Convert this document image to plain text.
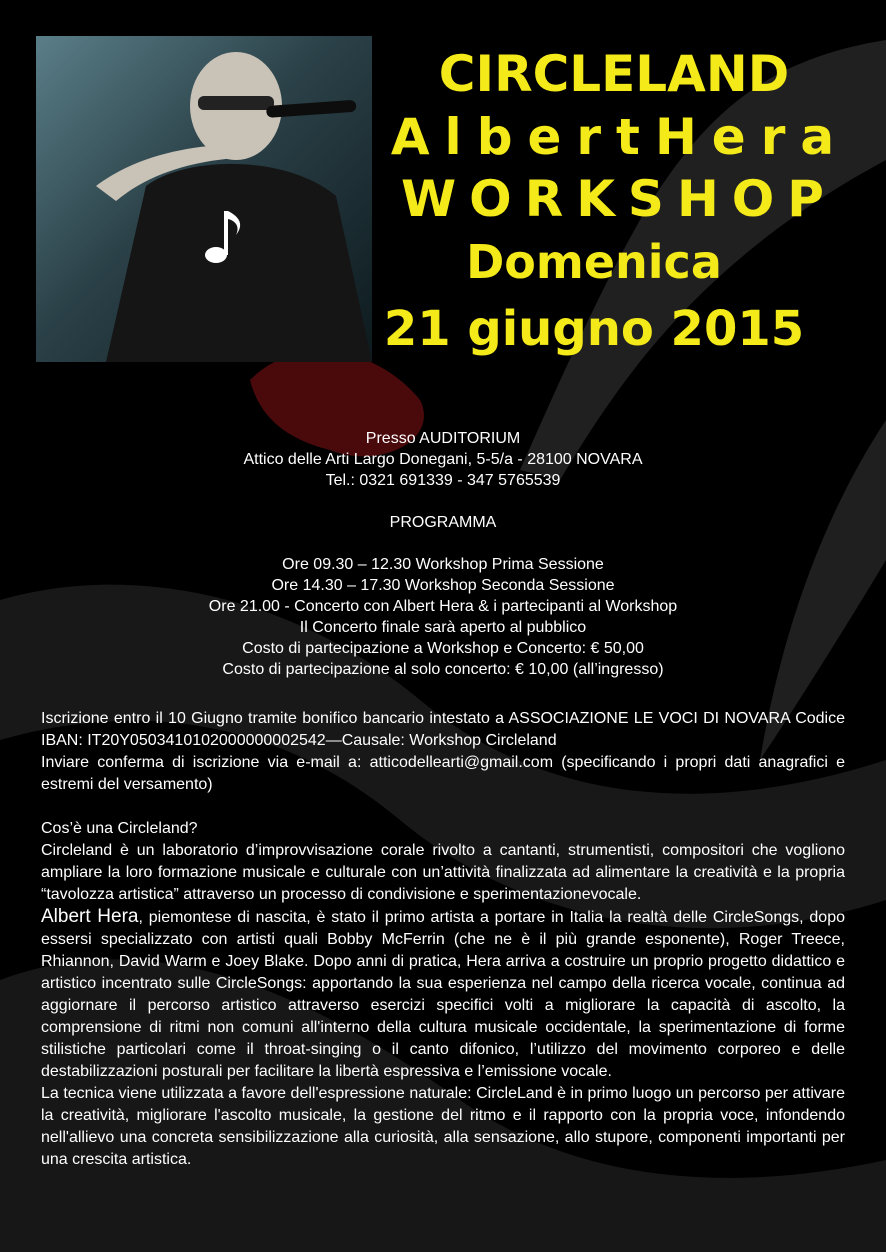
CIRCLELAND
AlbertHera
WORKSHOP
Domenica
21 giugno 2015
Presso AUDITORIUM
Attico delle Arti Largo Donegani, 5-5/a - 28100 NOVARA
Tel.: 0321 691339 - 347 5765539
PROGRAMMA
Ore 09.30 – 12.30 Workshop Prima Sessione
Ore 14.30 – 17.30 Workshop Seconda Sessione
Ore 21.00 - Concerto con Albert Hera & i partecipanti al Workshop
Il Concerto finale sarà aperto al pubblico
Costo di partecipazione a Workshop e Concerto: € 50,00
Costo di partecipazione al solo concerto: € 10,00 (all’ingresso)

Iscrizione entro il 10 Giugno tramite bonifico bancario intestato a ASSOCIAZIONE LE VOCI DI NOVARA Codice IBAN: IT20Y0503410102000000002542—Causale: Workshop Circleland

Inviare conferma di iscrizione via e-mail a: atticodellearti@gmail.com (specificando i propri dati anagrafici e estremi del versamento)

Cos’è una Circleland?

Circleland è un laboratorio d’improvvisazione corale rivolto a cantanti, strumentisti, compositori che vogliono ampliare la loro formazione musicale e culturale con un’attività finalizzata ad alimentare la creatività e la propria “tavolozza artistica” attraverso un processo di condivisione e sperimentazionevocale.

Albert Hera, piemontese di nascita, è stato il primo artista a portare in Italia la realtà delle CircleSongs, dopo essersi specializzato con artisti quali Bobby McFerrin (che ne è il più grande esponente), Roger Treece, Rhiannon, David Warm e Joey Blake. Dopo anni di pratica, Hera arriva a costruire un proprio progetto didattico e artistico incentrato sulle CircleSongs: apportando la sua esperienza nel campo della ricerca vocale, continua ad aggiornare il percorso artistico attraverso esercizi specifici volti a migliorare la capacità di ascolto, la comprensione di ritmi non comuni all'interno della cultura musicale occidentale, la sperimentazione di forme stilistiche particolari come il throat-singing o il canto difonico, l’utilizzo del movimento corporeo e delle destabilizzazioni posturali per facilitare la libertà espressiva e l’emissione vocale.

La tecnica viene utilizzata a favore dell'espressione naturale: CircleLand è in primo luogo un percorso per attivare la creatività, migliorare l'ascolto musicale, la gestione del ritmo e il rapporto con la propria voce, infondendo nell'allievo una concreta sensibilizzazione alla curiosità, alla sensazione, allo stupore, componenti importanti per una crescita artistica.
